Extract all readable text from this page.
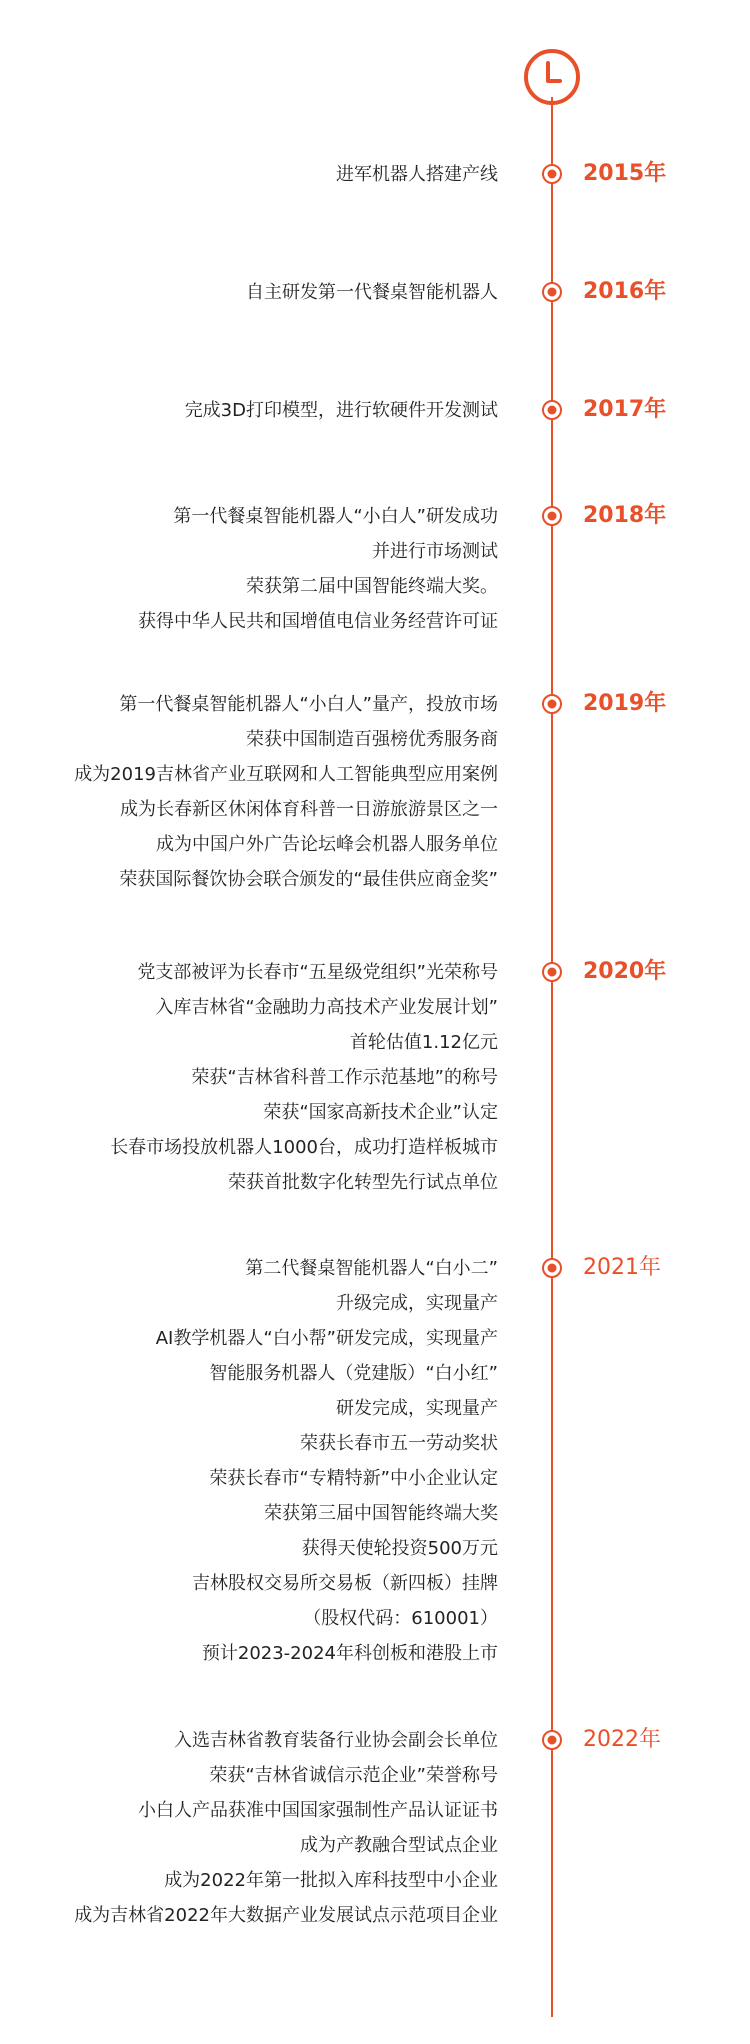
2015年
进军机器人搭建产线
2016年
自主研发第一代餐桌智能机器人
2017年
完成3D打印模型，进行软硬件开发测试
2018年
第一代餐桌智能机器人“小白人”研发成功
并进行市场测试
荣获第二届中国智能终端大奖。
获得中华人民共和国增值电信业务经营许可证
2019年
第一代餐桌智能机器人“小白人”量产，投放市场
荣获中国制造百强榜优秀服务商
成为2019吉林省产业互联网和人工智能典型应用案例
成为长春新区休闲体育科普一日游旅游景区之一
成为中国户外广告论坛峰会机器人服务单位
荣获国际餐饮协会联合颁发的“最佳供应商金奖”
2020年
党支部被评为长春市“五星级党组织”光荣称号
入库吉林省“金融助力高技术产业发展计划”
首轮估值1.12亿元
荣获“吉林省科普工作示范基地”的称号
荣获“国家高新技术企业”认定
长春市场投放机器人1000台，成功打造样板城市
荣获首批数字化转型先行试点单位
2021年
第二代餐桌智能机器人“白小二”
升级完成，实现量产
AI教学机器人“白小帮”研发完成，实现量产
智能服务机器人（党建版）“白小红”
研发完成，实现量产
荣获长春市五一劳动奖状
荣获长春市“专精特新”中小企业认定
荣获第三届中国智能终端大奖
获得天使轮投资500万元
吉林股权交易所交易板（新四板）挂牌
（股权代码：610001）
预计2023-2024年科创板和港股上市
2022年
入选吉林省教育装备行业协会副会长单位
荣获“吉林省诚信示范企业”荣誉称号
小白人产品获准中国国家强制性产品认证证书
成为产教融合型试点企业
成为2022年第一批拟入库科技型中小企业
成为吉林省2022年大数据产业发展试点示范项目企业
